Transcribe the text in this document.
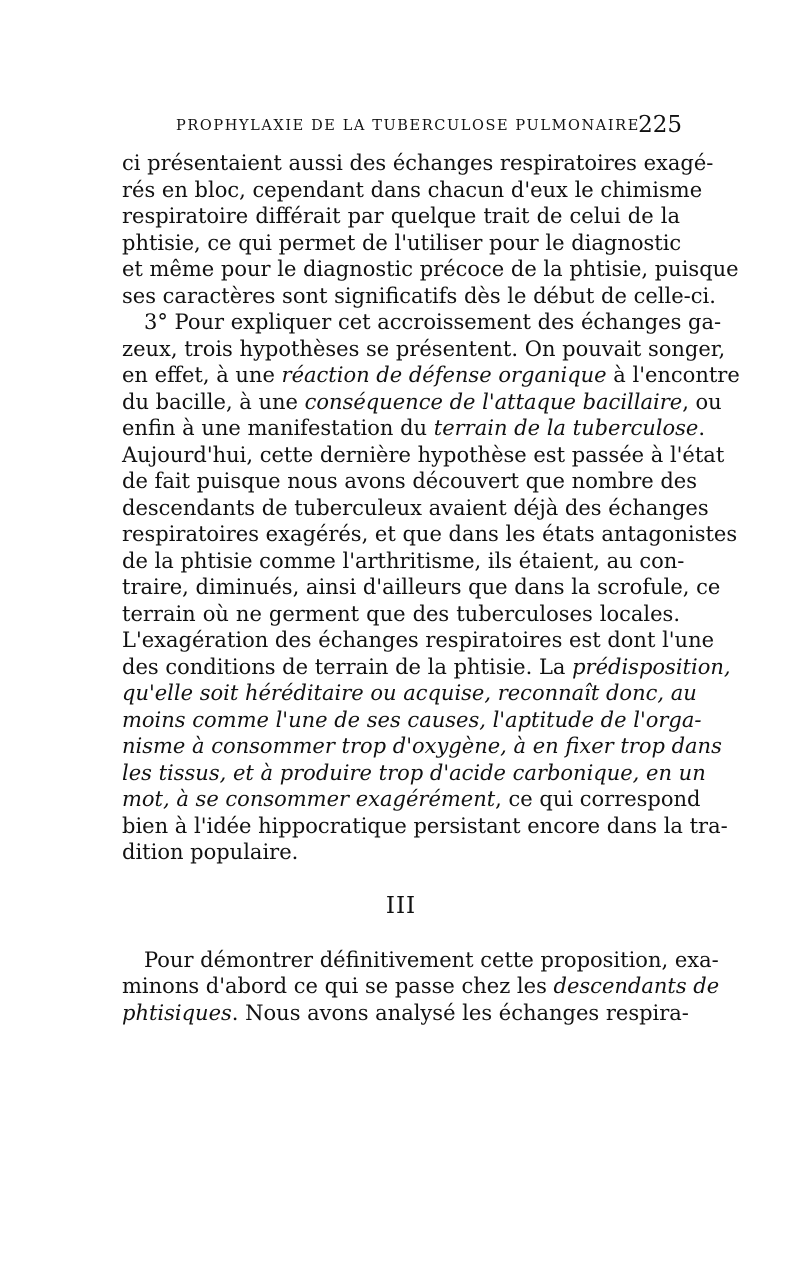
PROPHYLAXIE DE LA TUBERCULOSE PULMONAIRE
225
ci présentaient aussi des échanges respiratoires exagé-
rés en bloc, cependant dans chacun d'eux le chimisme
respiratoire différait par quelque trait de celui de la
phtisie, ce qui permet de l'utiliser pour le diagnostic
et même pour le diagnostic précoce de la phtisie, puisque
ses caractères sont significatifs dès le début de celle-ci.
3° Pour expliquer cet accroissement des échanges ga-
zeux, trois hypothèses se présentent. On pouvait songer,
en effet, à une réaction de défense organique à l'encontre
du bacille, à une conséquence de l'attaque bacillaire, ou
enfin à une manifestation du terrain de la tuberculose.
Aujourd'hui, cette dernière hypothèse est passée à l'état
de fait puisque nous avons découvert que nombre des
descendants de tuberculeux avaient déjà des échanges
respiratoires exagérés, et que dans les états antagonistes
de la phtisie comme l'arthritisme, ils étaient, au con-
traire, diminués, ainsi d'ailleurs que dans la scrofule, ce
terrain où ne germent que des tuberculoses locales.
L'exagération des échanges respiratoires est dont l'une
des conditions de terrain de la phtisie. La prédisposition,
qu'elle soit héréditaire ou acquise, reconnaît donc, au
moins comme l'une de ses causes, l'aptitude de l'orga-
nisme à consommer trop d'oxygène, à en fixer trop dans
les tissus, et à produire trop d'acide carbonique, en un
mot, à se consommer exagérément, ce qui correspond
bien à l'idée hippocratique persistant encore dans la tra-
dition populaire.
III
Pour démontrer définitivement cette proposition, exa-
minons d'abord ce qui se passe chez les descendants de
phtisiques. Nous avons analysé les échanges respira-
